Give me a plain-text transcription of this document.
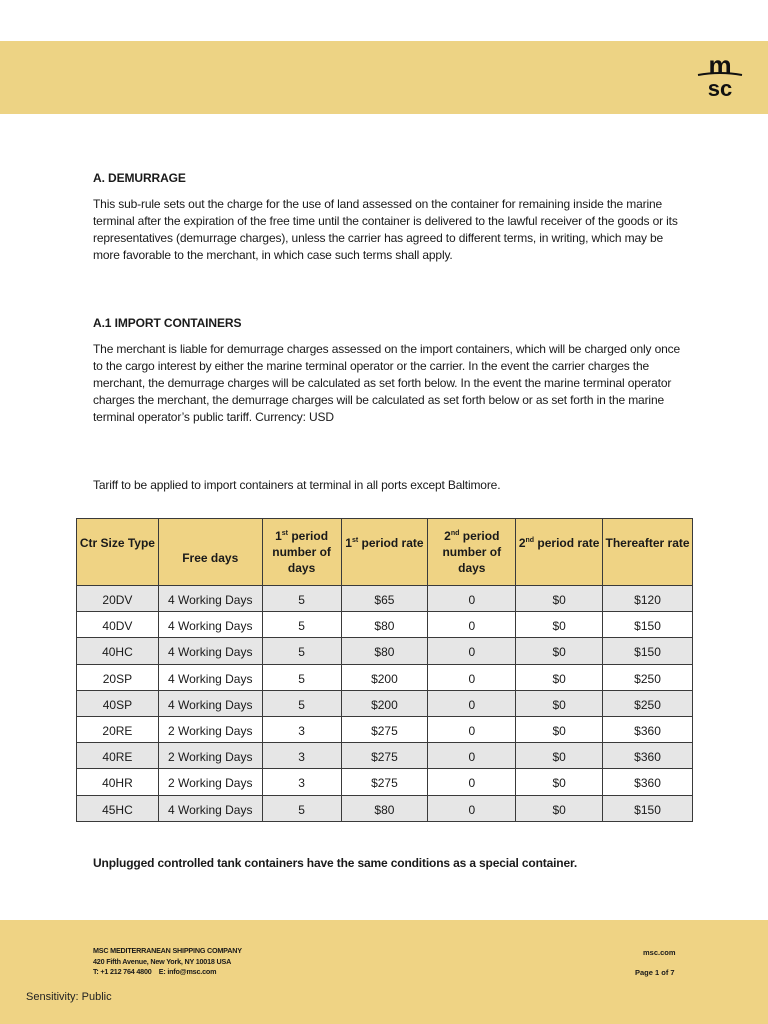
m
sc
A. DEMURRAGE
This sub-rule sets out the charge for the use of land assessed on the container for remaining inside the marine terminal after the expiration of the free time until the container is delivered to the lawful receiver of the goods or its representatives (demurrage charges), unless the carrier has agreed to different terms, in writing, which may be more favorable to the merchant, in which case such terms shall apply.
A.1 IMPORT CONTAINERS
The merchant is liable for demurrage charges assessed on the import containers, which will be charged only once to the cargo interest by either the marine terminal operator or the carrier. In the event the carrier charges the merchant, the demurrage charges will be calculated as set forth below. In the event the marine terminal operator charges the merchant, the demurrage charges will be calculated as set forth below or as set forth in the marine terminal operator’s public tariff. Currency: USD
Tariff to be applied to import containers at terminal in all ports except Baltimore.
Unplugged controlled tank containers have the same conditions as a special container.
Ctr Size Type	Free days	1st period number of days	1st period rate	2nd period number of days	2nd period rate	Thereafter rate
20DV	4 Working Days	5	$65	0	$0	$120
40DV	4 Working Days	5	$80	0	$0	$150
40HC	4 Working Days	5	$80	0	$0	$150
20SP	4 Working Days	5	$200	0	$0	$250
40SP	4 Working Days	5	$200	0	$0	$250
20RE	2 Working Days	3	$275	0	$0	$360
40RE	2 Working Days	3	$275	0	$0	$360
40HR	2 Working Days	3	$275	0	$0	$360
45HC	4 Working Days	5	$80	0	$0	$150
MSC MEDITERRANEAN SHIPPING COMPANY
420 Fifth Avenue, New York, NY 10018 USA
T: +1 212 764 4800    E: info@msc.com
msc.com
Page 1 of 7
Sensitivity: Public
